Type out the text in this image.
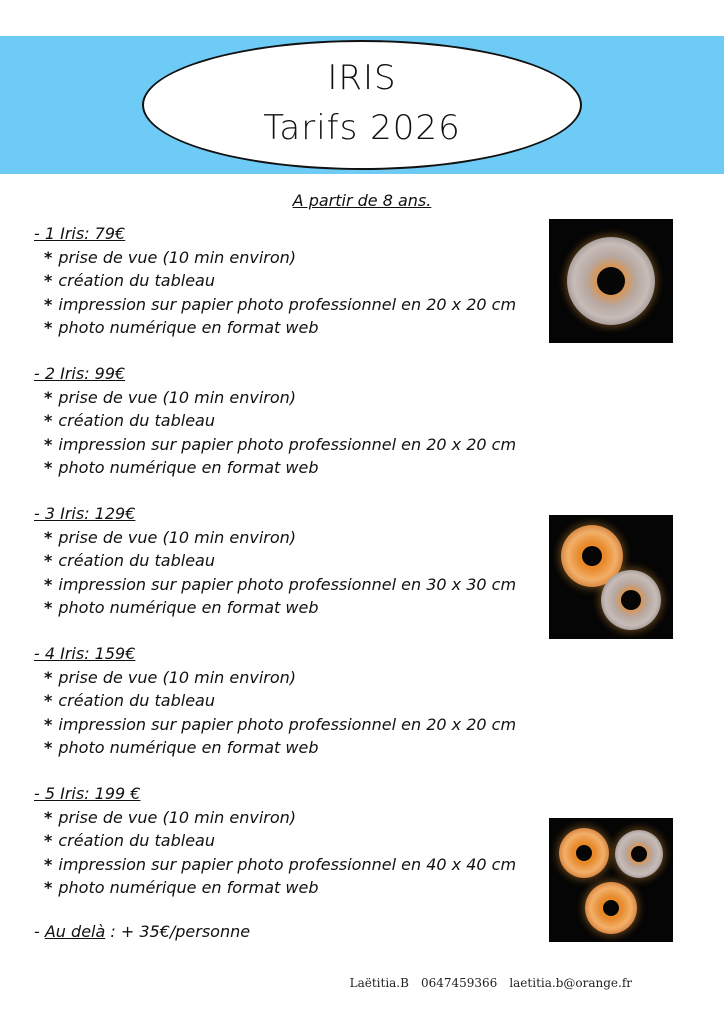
IRIS
Tarifs 2026
A partir de 8 ans.
- 1 Iris: 79€
* prise de vue (10 min environ)
* création du tableau
* impression sur papier photo professionnel en 20 x 20 cm
* photo numérique en format web
- 2 Iris: 99€
* prise de vue (10 min environ)
* création du tableau
* impression sur papier photo professionnel en 20 x 20 cm
* photo numérique en format web
- 3 Iris: 129€
* prise de vue (10 min environ)
* création du tableau
* impression sur papier photo professionnel en 30 x 30 cm
* photo numérique en format web
- 4 Iris: 159€
* prise de vue (10 min environ)
* création du tableau
* impression sur papier photo professionnel en 20 x 20 cm
* photo numérique en format web
- 5 Iris: 199 €
* prise de vue (10 min environ)
* création du tableau
* impression sur papier photo professionnel en 40 x 40 cm
* photo numérique en format web
- Au delà : + 35€/personne
Laëtitia.B 0647459366 laetitia.b@orange.fr
